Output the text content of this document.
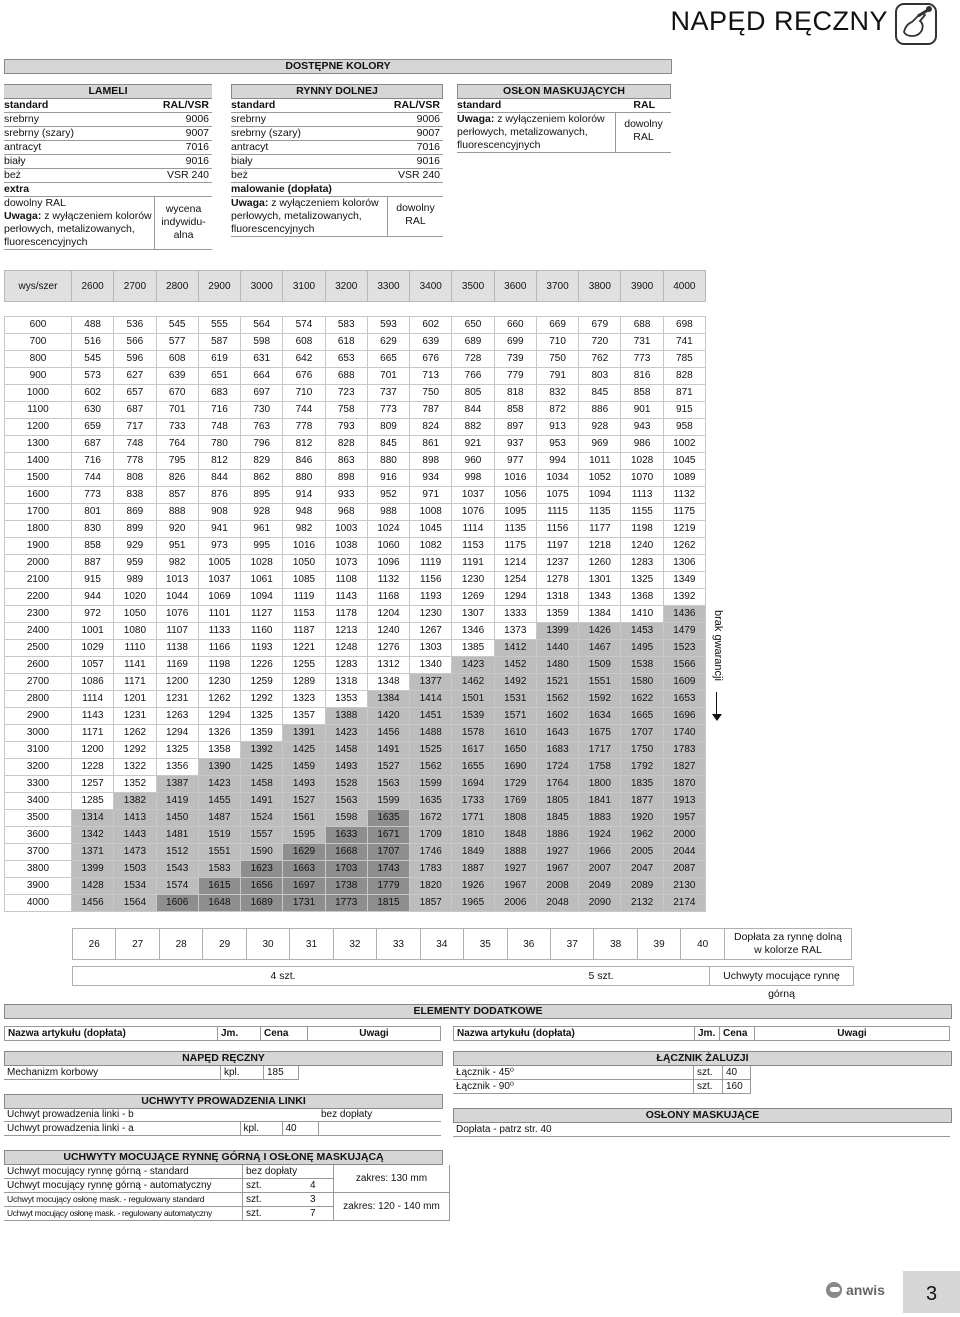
NAPĘD RĘCZNY
DOSTĘPNE KOLORY
LAMELI
standard	RAL/VSR
srebrny	9006
srebrny (szary)	9007
antracyt	7016
biały	9016
beż	VSR 240
extra	
dowolny RAL
Uwaga: z wyłączeniem kolorów
perłowych, metalizowanych,
fluorescencyjnych
wycena
indywidu-
alna
RYNNY DOLNEJ
standard	RAL/VSR
srebrny	9006
srebrny (szary)	9007
antracyt	7016
biały	9016
beż	VSR 240
malowanie (dopłata)	
Uwaga: z wyłączeniem kolorów
perłowych, metalizowanych,
fluorescencyjnych
dowolny
RAL
OSŁON MASKUJĄCYCH
standard	RAL
Uwaga: z wyłączeniem kolorów
perłowych, metalizowanych,
fluorescencyjnych
dowolny
RAL
wys/szer	2600	2700	2800	2900	3000	3100	3200	3300	3400	3500	3600	3700	3800	3900	4000
600	488	536	545	555	564	574	583	593	602	650	660	669	679	688	698
700	516	566	577	587	598	608	618	629	639	689	699	710	720	731	741
800	545	596	608	619	631	642	653	665	676	728	739	750	762	773	785
900	573	627	639	651	664	676	688	701	713	766	779	791	803	816	828
1000	602	657	670	683	697	710	723	737	750	805	818	832	845	858	871
1100	630	687	701	716	730	744	758	773	787	844	858	872	886	901	915
1200	659	717	733	748	763	778	793	809	824	882	897	913	928	943	958
1300	687	748	764	780	796	812	828	845	861	921	937	953	969	986	1002
1400	716	778	795	812	829	846	863	880	898	960	977	994	1011	1028	1045
1500	744	808	826	844	862	880	898	916	934	998	1016	1034	1052	1070	1089
1600	773	838	857	876	895	914	933	952	971	1037	1056	1075	1094	1113	1132
1700	801	869	888	908	928	948	968	988	1008	1076	1095	1115	1135	1155	1175
1800	830	899	920	941	961	982	1003	1024	1045	1114	1135	1156	1177	1198	1219
1900	858	929	951	973	995	1016	1038	1060	1082	1153	1175	1197	1218	1240	1262
2000	887	959	982	1005	1028	1050	1073	1096	1119	1191	1214	1237	1260	1283	1306
2100	915	989	1013	1037	1061	1085	1108	1132	1156	1230	1254	1278	1301	1325	1349
2200	944	1020	1044	1069	1094	1119	1143	1168	1193	1269	1294	1318	1343	1368	1392
2300	972	1050	1076	1101	1127	1153	1178	1204	1230	1307	1333	1359	1384	1410	1436
2400	1001	1080	1107	1133	1160	1187	1213	1240	1267	1346	1373	1399	1426	1453	1479
2500	1029	1110	1138	1166	1193	1221	1248	1276	1303	1385	1412	1440	1467	1495	1523
2600	1057	1141	1169	1198	1226	1255	1283	1312	1340	1423	1452	1480	1509	1538	1566
2700	1086	1171	1200	1230	1259	1289	1318	1348	1377	1462	1492	1521	1551	1580	1609
2800	1114	1201	1231	1262	1292	1323	1353	1384	1414	1501	1531	1562	1592	1622	1653
2900	1143	1231	1263	1294	1325	1357	1388	1420	1451	1539	1571	1602	1634	1665	1696
3000	1171	1262	1294	1326	1359	1391	1423	1456	1488	1578	1610	1643	1675	1707	1740
3100	1200	1292	1325	1358	1392	1425	1458	1491	1525	1617	1650	1683	1717	1750	1783
3200	1228	1322	1356	1390	1425	1459	1493	1527	1562	1655	1690	1724	1758	1792	1827
3300	1257	1352	1387	1423	1458	1493	1528	1563	1599	1694	1729	1764	1800	1835	1870
3400	1285	1382	1419	1455	1491	1527	1563	1599	1635	1733	1769	1805	1841	1877	1913
3500	1314	1413	1450	1487	1524	1561	1598	1635	1672	1771	1808	1845	1883	1920	1957
3600	1342	1443	1481	1519	1557	1595	1633	1671	1709	1810	1848	1886	1924	1962	2000
3700	1371	1473	1512	1551	1590	1629	1668	1707	1746	1849	1888	1927	1966	2005	2044
3800	1399	1503	1543	1583	1623	1663	1703	1743	1783	1887	1927	1967	2007	2047	2087
3900	1428	1534	1574	1615	1656	1697	1738	1779	1820	1926	1967	2008	2049	2089	2130
4000	1456	1564	1606	1648	1689	1731	1773	1815	1857	1965	2006	2048	2090	2132	2174
brak gwarancji
26	27	28	29	30	31	32	33	34	35	36	37	38	39	40	
Dopłata za rynnę dolną
w kolorze RAL
4 szt.	5 szt.	Uchwyty mocujące rynnę górną
ELEMENTY DODATKOWE
Nazwa artykułu (dopłata)	Jm.	Cena	Uwagi	Nazwa artykułu (dopłata)	Jm.	Cena	Uwagi
NAPĘD RĘCZNY
Mechanizm korbowy	kpl.	185
UCHWYTY PROWADZENIA LINKI
Uchwyt prowadzenia linki - b			bez dopłaty
Uchwyt prowadzenia linki - a	kpl.	40	
UCHWYTY MOCUJĄCE RYNNĘ GÓRNĄ I OSŁONĘ MASKUJĄCĄ
Uchwyt mocujący rynnę górną - standard	bez dopłaty		zakres: 130 mm
Uchwyt mocujący rynnę górną - automatyczny	szt.	4	
Uchwyt mocujący osłonę mask. - regulowany standard	szt.	3	zakres: 120 - 140 mm
Uchwyt mocujący osłonę mask. - regulowany automatyczny	szt.	7	
ŁĄCZNIK ŻALUZJI
Łącznik - 45⁰	szt.	40
Łącznik - 90⁰	szt.	160
OSŁONY MASKUJĄCE
Dopłata - patrz str. 40
anwis	3
